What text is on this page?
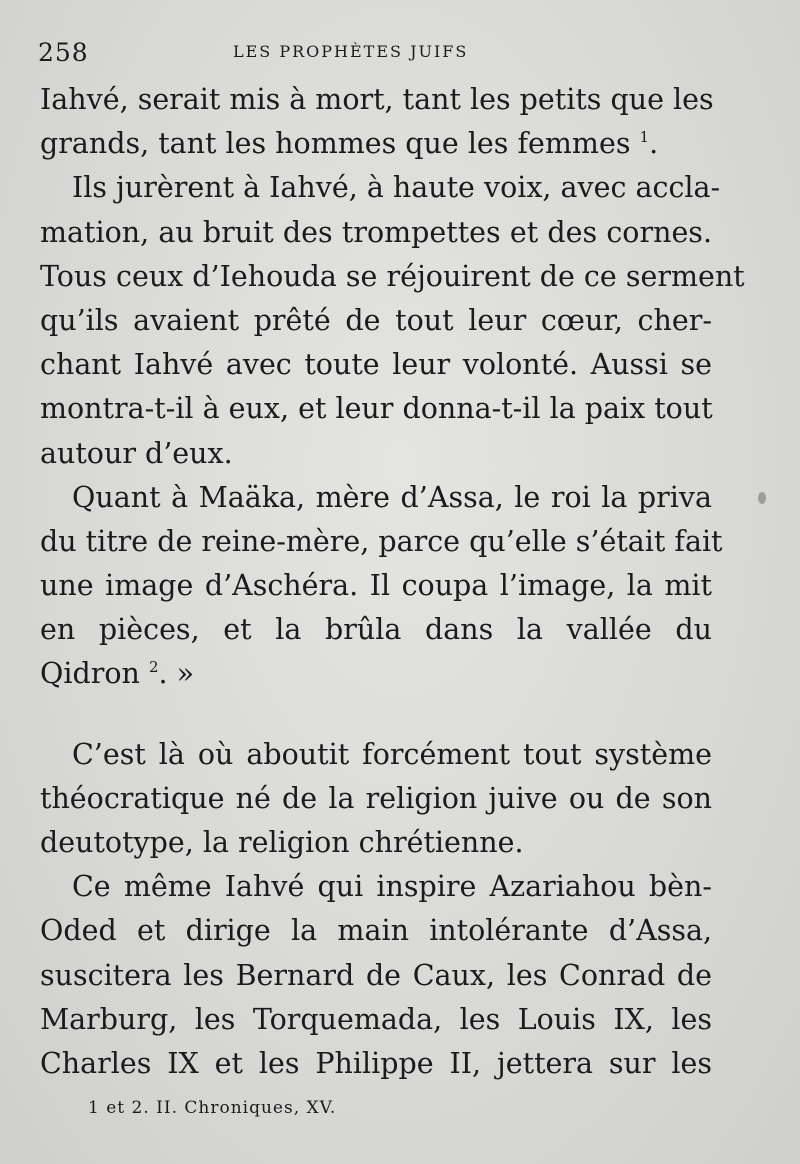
258	LES PROPHÈTES JUIFS
Iahvé, serait mis à mort, tant les petits que les
grands, tant les hommes que les femmes $^1$.
Ils jurèrent à Iahvé, à haute voix, avec accla-
mation, au bruit des trompettes et des cornes.
Tous ceux d’Iehouda se réjouirent de ce serment
qu’ils avaient prêté de tout leur cœur, cher-
chant Iahvé avec toute leur volonté. Aussi se
montra-t-il à eux, et leur donna-t-il la paix tout
autour d’eux.
Quant à Maäka, mère d’Assa, le roi la priva
du titre de reine-mère, parce qu’elle s’était fait
une image d’Aschéra. Il coupa l’image, la mit
en pièces, et la brûla dans la vallée du
Qidron $^2$. »
C’est là où aboutit forcément tout système
théocratique né de la religion juive ou de son
deutotype, la religion chrétienne.
Ce même Iahvé qui inspire Azariahou bèn-
Oded et dirige la main intolérante d’Assa,
suscitera les Bernard de Caux, les Conrad de
Marburg, les Torquemada, les Louis IX, les
Charles IX et les Philippe II, jettera sur les
1 et 2. II. Chroniques, XV.
